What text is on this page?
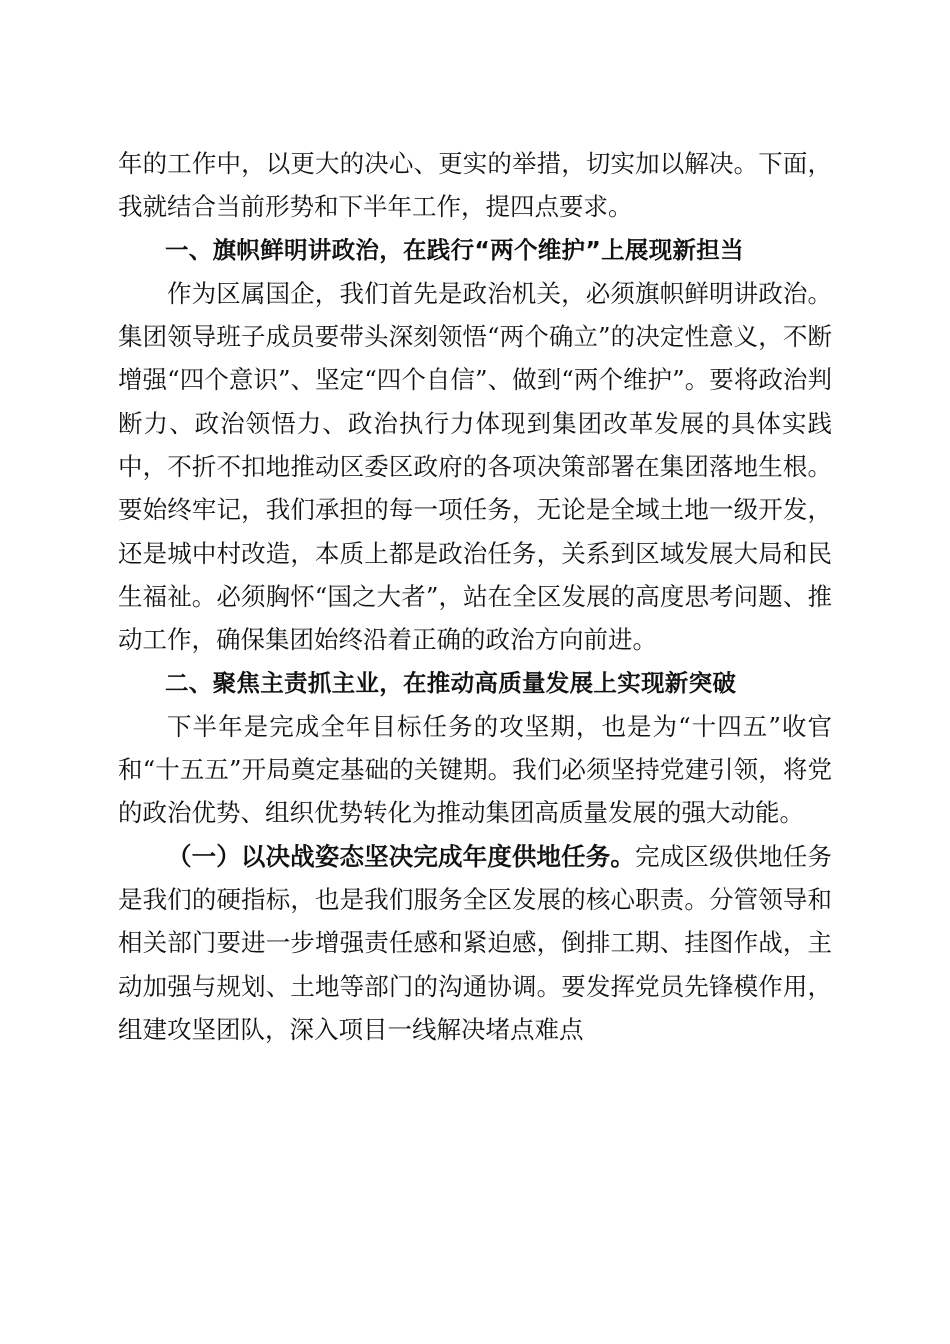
年的工作中，以更大的决心、更实的举措，切实加以解决。下面，我就结合当前形势和下半年工作，提四点要求。

一、旗帜鲜明讲政治，在践行“两个维护”上展现新担当

作为区属国企，我们首先是政治机关，必须旗帜鲜明讲政治。集团领导班子成员要带头深刻领悟“两个确立”的决定性意义，不断增强“四个意识”、坚定“四个自信”、做到“两个维护”。要将政治判断力、政治领悟力、政治执行力体现到集团改革发展的具体实践中，不折不扣地推动区委区政府的各项决策部署在集团落地生根。要始终牢记，我们承担的每一项任务，无论是全域土地一级开发，还是城中村改造，本质上都是政治任务，关系到区域发展大局和民生福祉。必须胸怀“国之大者”，站在全区发展的高度思考问题、推动工作，确保集团始终沿着正确的政治方向前进。

二、聚焦主责抓主业，在推动高质量发展上实现新突破

下半年是完成全年目标任务的攻坚期，也是为“十四五”收官和“十五五”开局奠定基础的关键期。我们必须坚持党建引领，将党的政治优势、组织优势转化为推动集团高质量发展的强大动能。

（一）以决战姿态坚决完成年度供地任务。完成区级供地任务是我们的硬指标，也是我们服务全区发展的核心职责。分管领导和相关部门要进一步增强责任感和紧迫感，倒排工期、挂图作战，主动加强与规划、土地等部门的沟通协调。要发挥党员先锋模作用，组建攻坚团队，深入项目一线解决堵点难点
